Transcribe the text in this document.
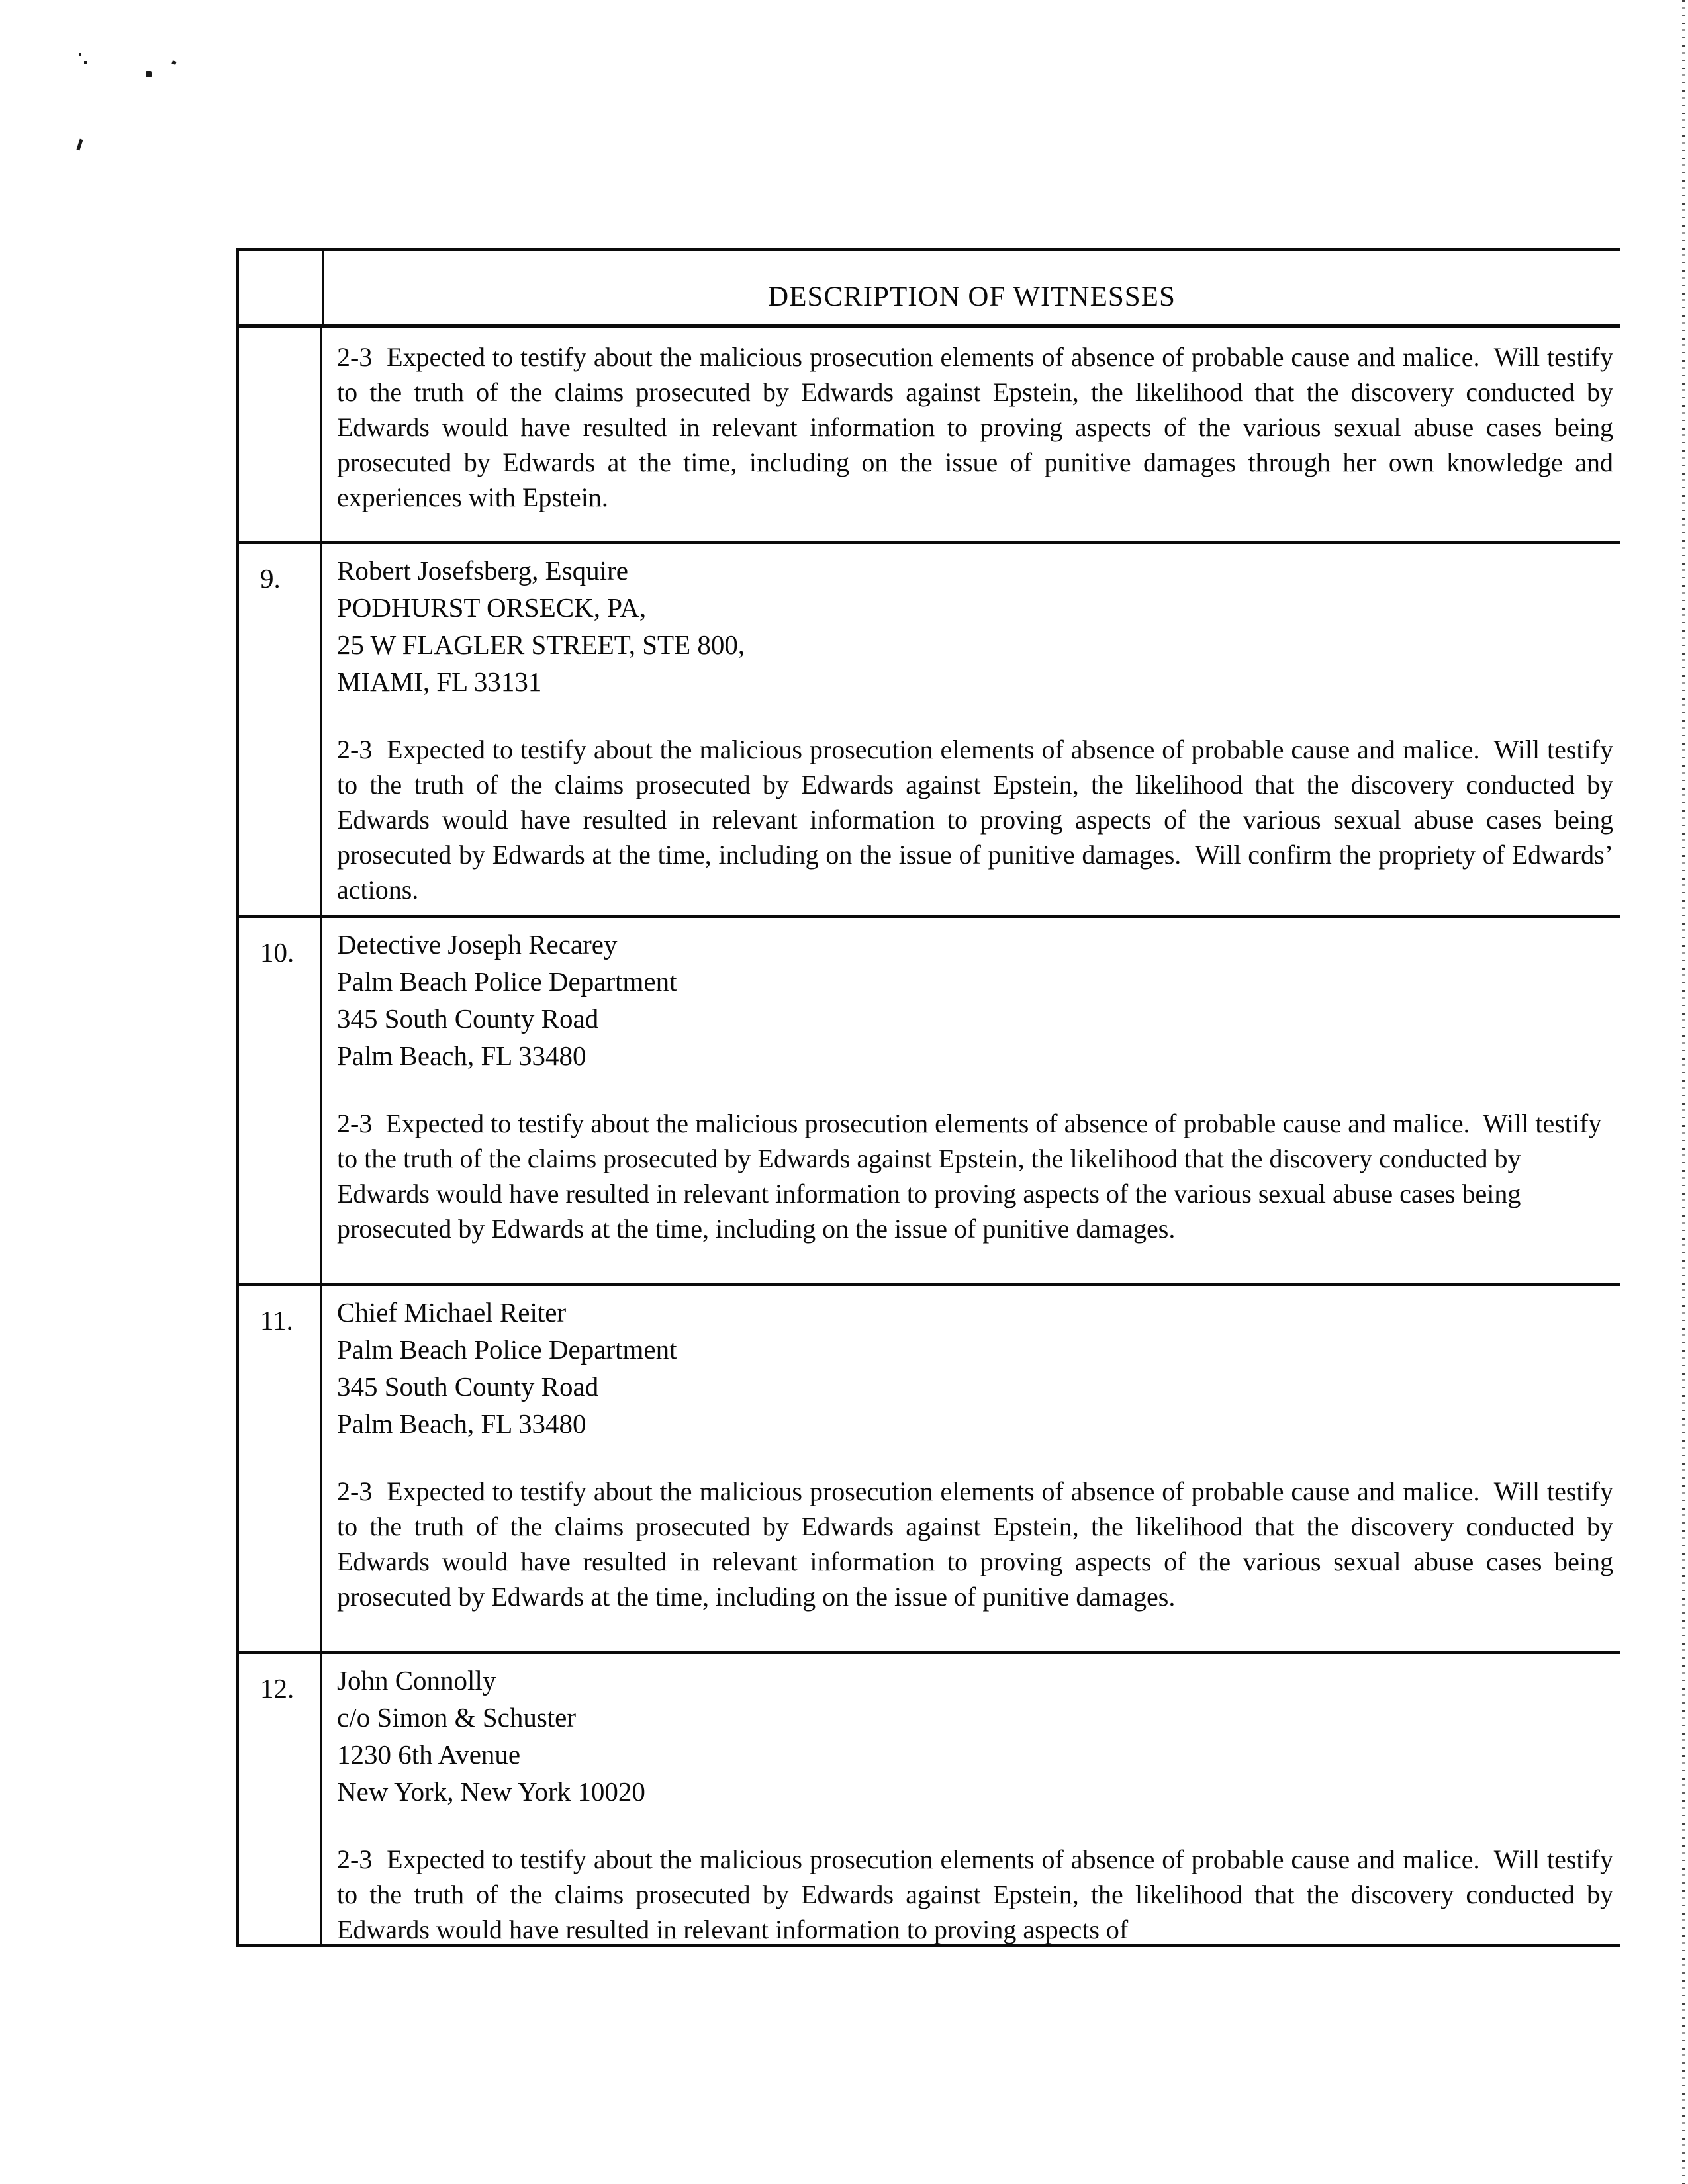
DESCRIPTION OF WITNESSES
2-3  Expected to testify about the malicious prosecution elements of absence of probable cause and malice.  Will testify to the truth of the claims prosecuted by Edwards against Epstein, the likelihood that the discovery conducted by Edwards would have resulted in relevant information to proving aspects of the various sexual abuse cases being prosecuted by Edwards at the time, including on the issue of punitive damages through her own knowledge and experiences with Epstein.
9.	Robert Josefsberg, Esquire
PODHURST ORSECK, PA,
25 W FLAGLER STREET, STE 800,
MIAMI, FL 33131
2-3  Expected to testify about the malicious prosecution elements of absence of probable cause and malice.  Will testify to the truth of the claims prosecuted by Edwards against Epstein, the likelihood that the discovery conducted by Edwards would have resulted in relevant information to proving aspects of the various sexual abuse cases being prosecuted by Edwards at the time, including on the issue of punitive damages.  Will confirm the propriety of Edwards’ actions.
10.	Detective Joseph Recarey
Palm Beach Police Department
345 South County Road
Palm Beach, FL 33480
2-3  Expected to testify about the malicious prosecution elements of absence of probable cause and malice.  Will testify to the truth of the claims prosecuted by Edwards against Epstein, the likelihood that the discovery conducted by Edwards would have resulted in relevant information to proving aspects of the various sexual abuse cases being prosecuted by Edwards at the time, including on the issue of punitive damages.
11.	Chief Michael Reiter
Palm Beach Police Department
345 South County Road
Palm Beach, FL 33480
2-3  Expected to testify about the malicious prosecution elements of absence of probable cause and malice.  Will testify to the truth of the claims prosecuted by Edwards against Epstein, the likelihood that the discovery conducted by Edwards would have resulted in relevant information to proving aspects of the various sexual abuse cases being prosecuted by Edwards at the time, including on the issue of punitive damages.
12.	John Connolly
c/o Simon & Schuster
1230 6th Avenue
New York, New York 10020
2-3  Expected to testify about the malicious prosecution elements of absence of probable cause and malice.  Will testify to the truth of the claims prosecuted by Edwards against Epstein, the likelihood that the discovery conducted by Edwards would have resulted in relevant information to proving aspects of
